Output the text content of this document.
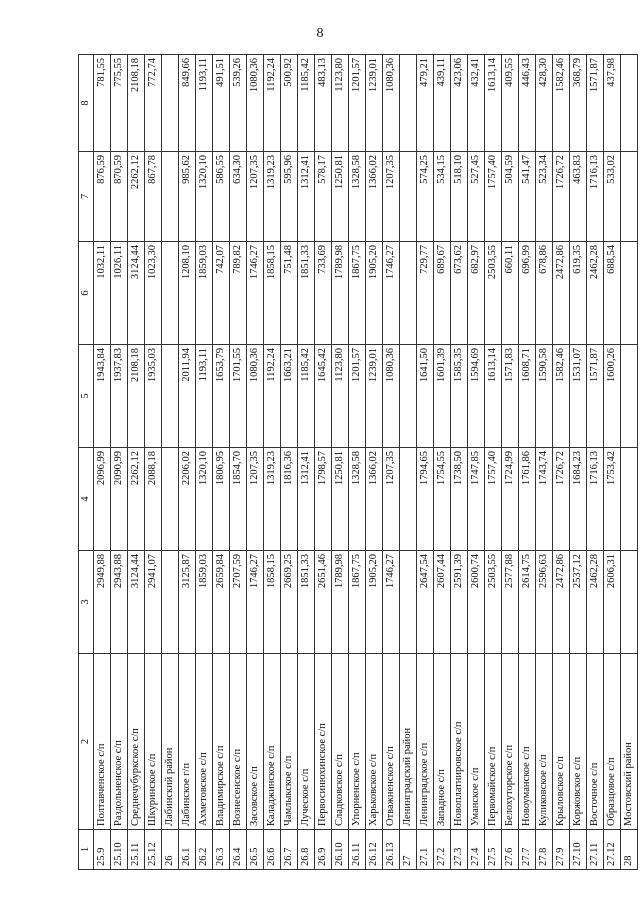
8
1	2	3	4	5	6	7	8
25.9	Полтавченское с/п	2949,88	2096,99	1943,84	1032,11	876,59	781,55
25.10	Раздольненское с/п	2943,88	2090,99	1937,83	1026,11	870,59	775,55
25.11	Среднечубуркское с/п	3124,44	2262,12	2108,18	3124,44	2262,12	2108,18
25.12	Шкуринское с/п	2941,07	2088,18	1935,03	1023,30	867,78	772,74
26	Лабинский район						
26.1	Лабинское г/п	3125,87	2206,02	2011,94	1208,10	985,62	849,66
26.2	Ахметовское с/п	1859,03	1320,10	1193,11	1859,03	1320,10	1193,11
26.3	Владимирское с/п	2659,84	1806,95	1653,79	742,07	586,55	491,51
26.4	Вознесенское с/п	2707,59	1854,70	1701,55	789,82	634,30	539,26
26.5	Засовское с/п	1746,27	1207,35	1080,36	1746,27	1207,35	1080,36
26.6	Каладжинское с/п	1858,15	1319,23	1192,24	1858,15	1319,23	1192,24
26.7	Чамлыкское с/п	2669,25	1816,36	1663,21	751,48	595,96	500,92
26.8	Луческое с/п	1851,33	1312,41	1185,42	1851,33	1312,41	1185,42
26.9	Первосинюхинское с/п	2651,46	1798,57	1645,42	733,69	578,17	483,13
26.10	Сладковское с/п	1789,98	1250,81	1123,80	1789,98	1250,81	1123,80
26.11	Упорненское с/п	1867,75	1328,58	1201,57	1867,75	1328,58	1201,57
26.12	Харьковское с/п	1905,20	1366,02	1239,01	1905,20	1366,02	1239,01
26.13	Отважненское с/п	1746,27	1207,35	1080,36	1746,27	1207,35	1080,36
27	Ленинградский район						
27.1	Ленинградское с/п	2647,54	1794,65	1641,50	729,77	574,25	479,21
27.2	Западное с/п	2607,44	1754,55	1601,39	689,67	534,15	439,11
27.3	Новоплатнировское с/п	2591,39	1738,50	1585,35	673,62	518,10	423,06
27.4	Уманское с/п	2600,74	1747,85	1594,69	682,97	527,45	432,41
27.5	Первомайское с/п	2503,55	1757,40	1613,14	2503,55	1757,40	1613,14
27.6	Белохуторское с/п	2577,88	1724,99	1571,83	660,11	504,59	409,55
27.7	Новоуманское с/п	2614,75	1761,86	1608,71	696,99	541,47	446,43
27.8	Куликовское с/п	2596,63	1743,74	1590,58	678,86	523,34	428,30
27.9	Крыловское с/п	2472,86	1726,72	1582,46	2472,86	1726,72	1582,46
27.10	Коржовское с/п	2537,12	1684,23	1531,07	619,35	463,83	368,79
27.11	Восточное с/п	2462,28	1716,13	1571,87	2462,28	1716,13	1571,87
27.12	Образцовое с/п	2606,31	1753,42	1600,26	688,54	533,02	437,98
28	Мостовский район						
